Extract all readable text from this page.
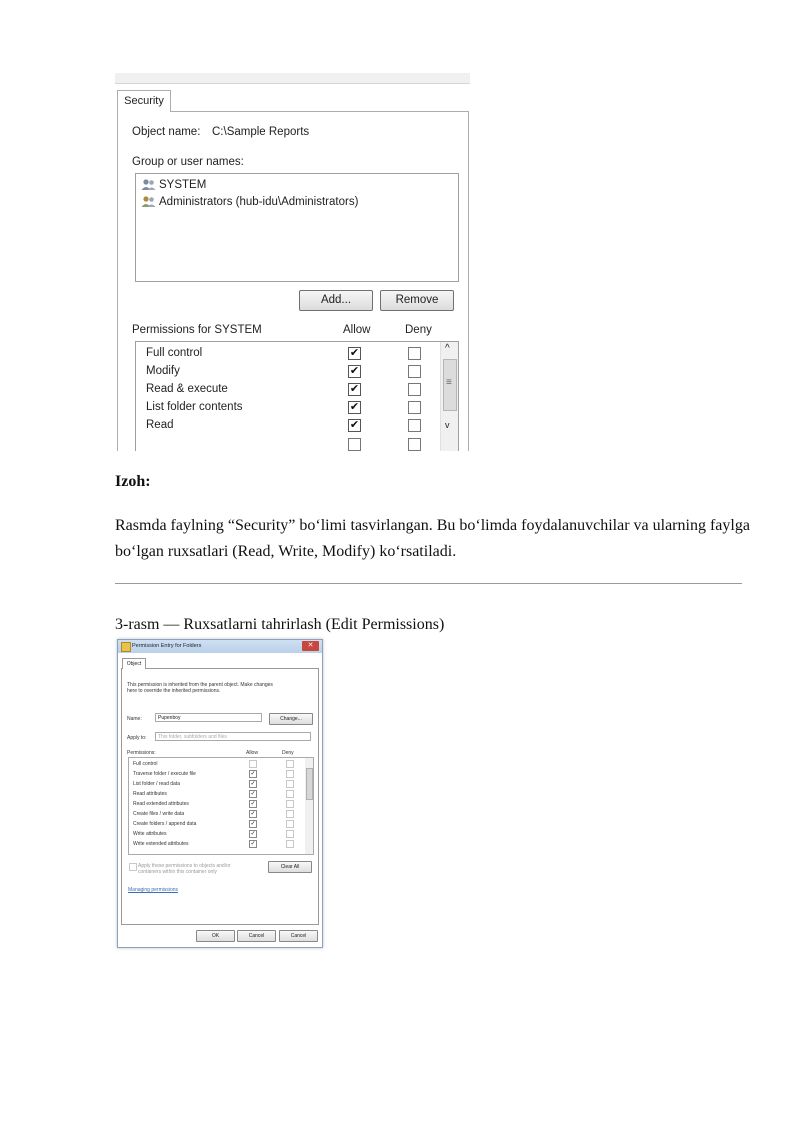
Security
Object name: C:\Sample Reports
Group or user names:
SYSTEM
Administrators (hub-idu\Administrators)
Add...	Remove
Permissions for SYSTEM	Allow	Deny
Full control	✔
Modify	✔
Read & execute	✔
List folder contents	✔
Read	✔
^
≡
v
Izoh:
Rasmda faylning “Security” bo‘limi tasvirlangan. Bu bo‘limda foydalanuvchilar va ularning faylga bo‘lgan ruxsatlari (Read, Write, Modify) ko‘rsatiladi.
3-rasm — Ruxsatlarni tahrirlash (Edit Permissions)
Permission Entry for Folders	✕
Object
This permission is inherited from the parent object. Make changes
here to override the inherited permissions.
Name:	Pupenboy	Change...
Apply to:	This folder, subfolders and files
Permissions:	Allow	Deny
Full control
Traverse folder / execute file	✓
List folder / read data	✓
Read attributes	✓
Read extended attributes	✓
Create files / write data	✓
Create folders / append data	✓
Write attributes	✓
Write extended attributes	✓
Apply these permissions to objects and/or
containers within this container only
Clear All
Managing permissions
OK	Cancel	Cancel
